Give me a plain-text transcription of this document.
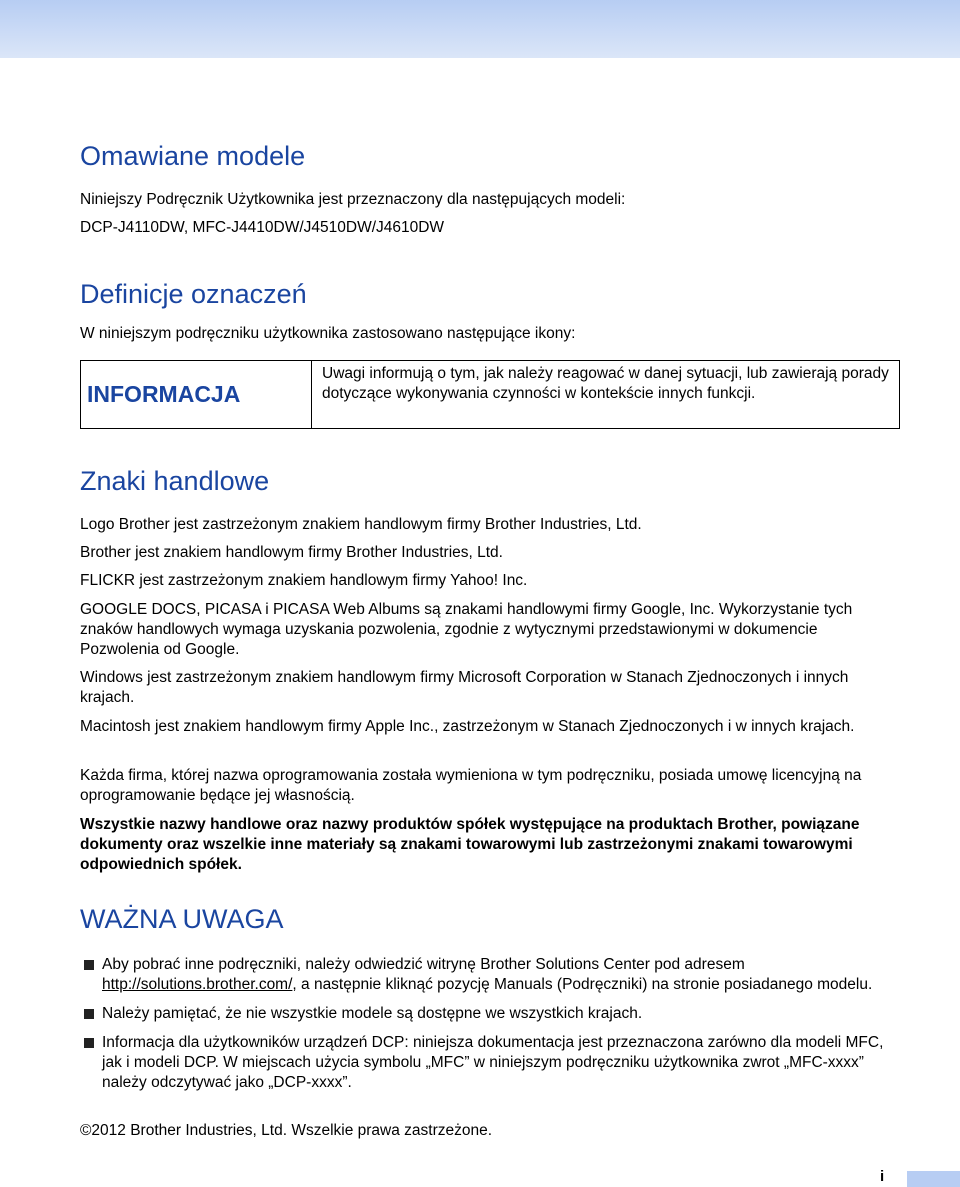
Omawiane modele

Niniejszy Podręcznik Użytkownika jest przeznaczony dla następujących modeli:

DCP-J4110DW, MFC-J4410DW/J4510DW/J4610DW

Definicje oznaczeń

W niniejszym podręczniku użytkownika zastosowano następujące ikony:

INFORMACJA
Uwagi informują o tym, jak należy reagować w danej sytuacji, lub zawierają porady dotyczące wykonywania czynności w kontekście innych funkcji.
Znaki handlowe

Logo Brother jest zastrzeżonym znakiem handlowym firmy Brother Industries, Ltd.

Brother jest znakiem handlowym firmy Brother Industries, Ltd.

FLICKR jest zastrzeżonym znakiem handlowym firmy Yahoo! Inc.

GOOGLE DOCS, PICASA i PICASA Web Albums są znakami handlowymi firmy Google, Inc. Wykorzystanie tych znaków handlowych wymaga uzyskania pozwolenia, zgodnie z wytycznymi przedstawionymi w dokumencie Pozwolenia od Google.

Windows jest zastrzeżonym znakiem handlowym firmy Microsoft Corporation w Stanach Zjednoczonych i innych krajach.

Macintosh jest znakiem handlowym firmy Apple Inc., zastrzeżonym w Stanach Zjednoczonych i w innych krajach.

Każda firma, której nazwa oprogramowania została wymieniona w tym podręczniku, posiada umowę licencyjną na oprogramowanie będące jej własnością.

Wszystkie nazwy handlowe oraz nazwy produktów spółek występujące na produktach Brother, powiązane dokumenty oraz wszelkie inne materiały są znakami towarowymi lub zastrzeżonymi znakami towarowymi odpowiednich spółek.

WAŻNA UWAGA
Aby pobrać inne podręczniki, należy odwiedzić witrynę Brother Solutions Center pod adresem http://solutions.brother.com/, a następnie kliknąć pozycję Manuals (Podręczniki) na stronie posiadanego modelu.
Należy pamiętać, że nie wszystkie modele są dostępne we wszystkich krajach.
Informacja dla użytkowników urządzeń DCP: niniejsza dokumentacja jest przeznaczona zarówno dla modeli MFC, jak i modeli DCP. W miejscach użycia symbolu „MFC” w niniejszym podręczniku użytkownika zwrot „MFC-xxxx” należy odczytywać jako „DCP-xxxx”.

©2012 Brother Industries, Ltd. Wszelkie prawa zastrzeżone.

i
